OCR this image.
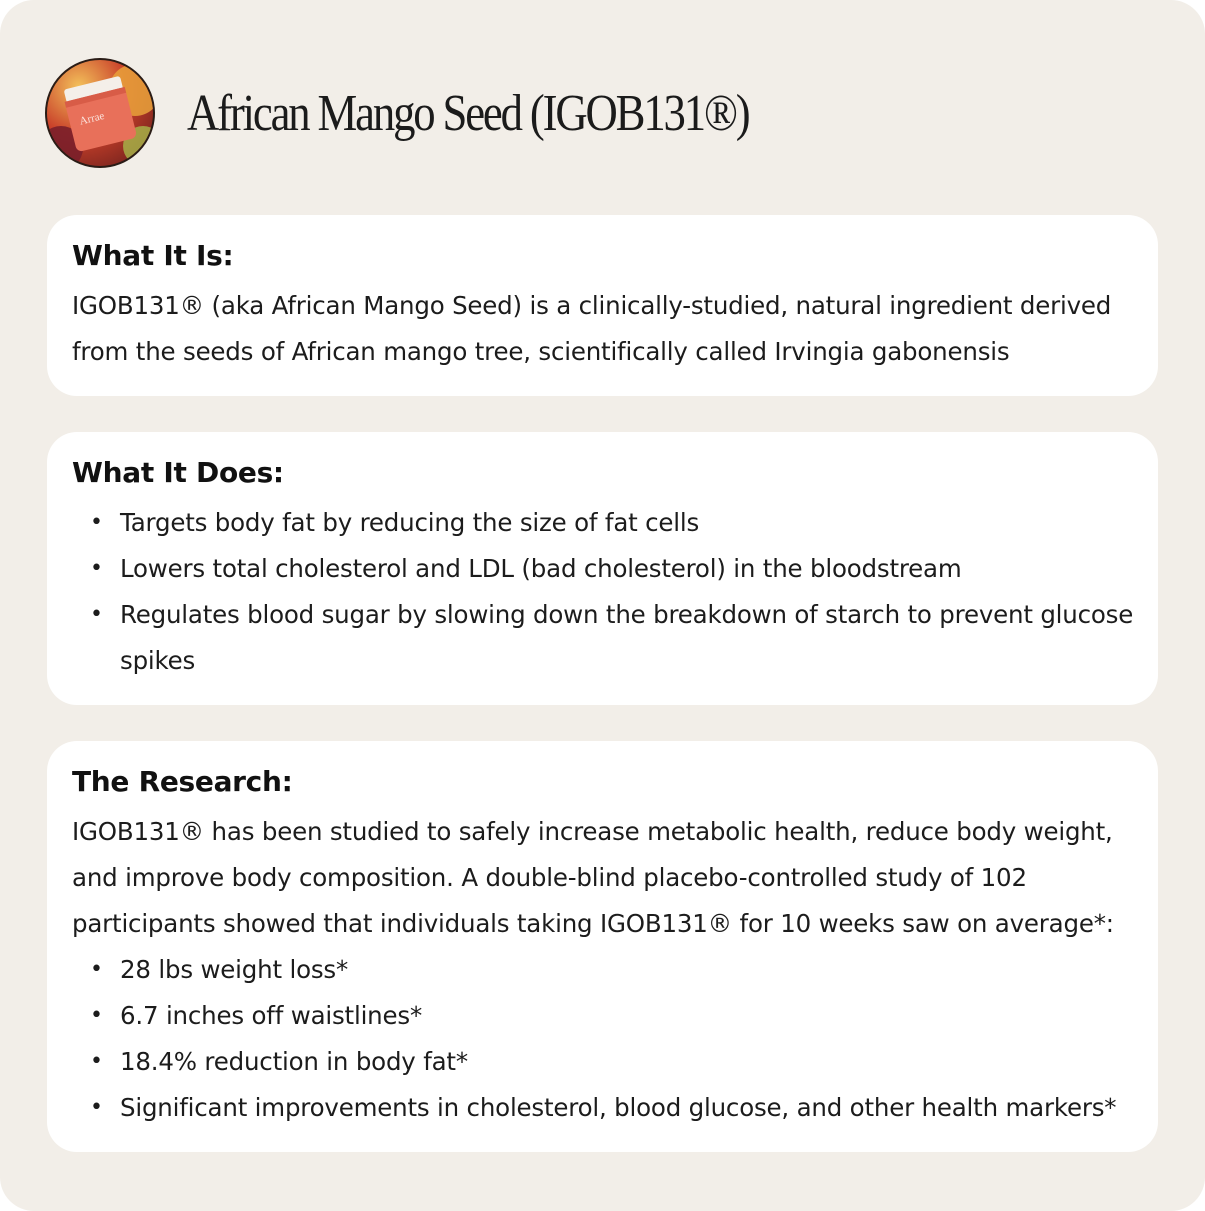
Arrae African Mango Seed (IGOB131®)
What It Is:

IGOB131® (aka African Mango Seed) is a clinically-studied, natural ingredient derived from the seeds of African mango tree, scientifically called Irvingia gabonensis

What It Does:
• Targets body fat by reducing the size of fat cells
• Lowers total cholesterol and LDL (bad cholesterol) in the bloodstream
• Regulates blood sugar by slowing down the breakdown of starch to prevent glucose spikes
The Research:

IGOB131® has been studied to safely increase metabolic health, reduce body weight, and improve body composition. A double-blind placebo-controlled study of 102 participants showed that individuals taking IGOB131® for 10 weeks saw on average*:

• 28 lbs weight loss*
• 6.7 inches off waistlines*
• 18.4% reduction in body fat*
• Significant improvements in cholesterol, blood glucose, and other health markers*
